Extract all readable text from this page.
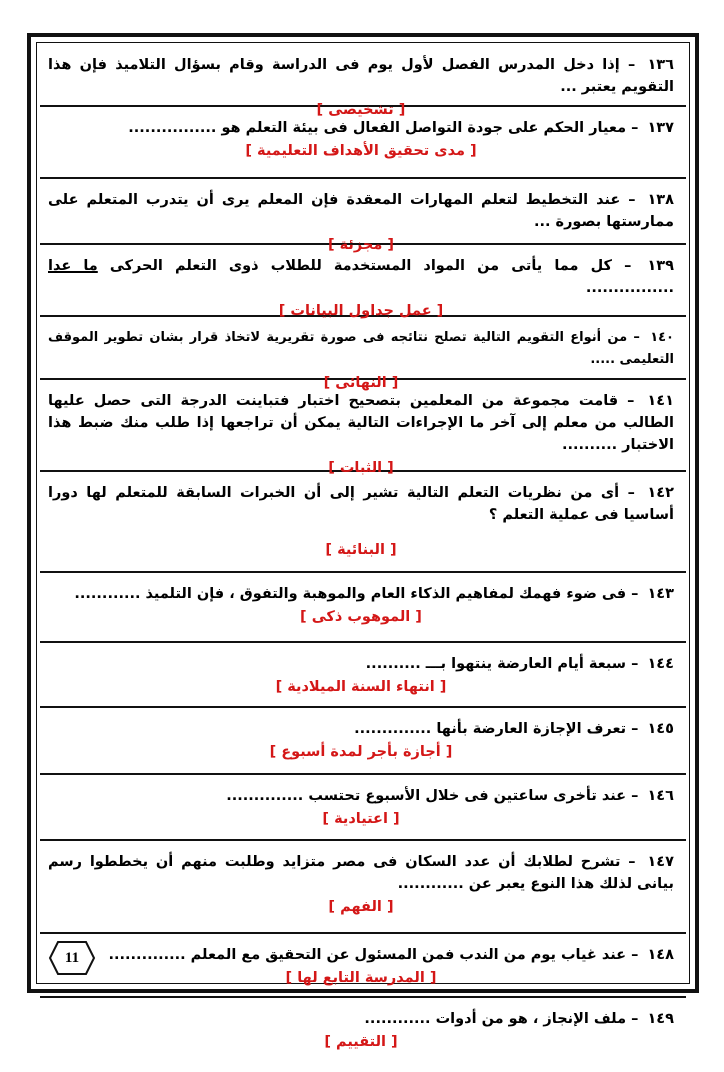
١٣٦ – إذا دخل المدرس الفصل لأول يوم فى الدراسة وقام بسؤال التلاميذ فإن هذا التقويم يعتبر ...
[ تشخيصى ]
١٣٧ – معيار الحكم على جودة التواصل الفعال فى بيئة التعلم هو ................
[ مدى تحقيق الأهداف التعليمية ]
١٣٨ – عند التخطيط لتعلم المهارات المعقدة فإن المعلم يرى أن يتدرب المتعلم على ممارستها بصورة ...
[ مجزئة ]
١٣٩ – كل مما يأتى من المواد المستخدمة للطلاب ذوى التعلم الحركى ما عدا ................
[ عمل جداول البيانات ]
١٤٠ – من أنواع التقويم التالية تصلح نتائجه فى صورة تقريرية لاتخاذ قرار بشان تطوير الموقف التعليمى .....
[ النهائى ]
١٤١ – قامت مجموعة من المعلمين بتصحيح اختبار فتباينت الدرجة التى حصل عليها الطالب من معلم إلى آخر ما الإجراءات التالية يمكن أن تراجعها إذا طلب منك ضبط هذا الاختبار ..........
[ الثبات ]
١٤٢ – أى من نظريات التعلم التالية تشير إلى أن الخبرات السابقة للمتعلم لها دورا أساسيا فى عملية التعلم ؟
[ البنائية ]
١٤٣ – فى ضوء فهمك لمفاهيم الذكاء العام والموهبة والتفوق ، فإن التلميذ ............
[ الموهوب ذكى ]
١٤٤ – سبعة أيام العارضة ينتهوا بـــ ..........
[ انتهاء السنة الميلادية ]
١٤٥ – تعرف الإجازة العارضة بأنها ..............
[ أجازة بأجر لمدة أسبوع ]
١٤٦ – عند تأخرى ساعتين فى خلال الأسبوع تحتسب ..............
[ اعتيادية ]
١٤٧ – تشرح لطلابك أن عدد السكان فى مصر متزايد وطلبت منهم أن يخططوا رسم بيانى لذلك هذا النوع يعبر عن ............
[ الفهم ]
١٤٨ – عند غياب يوم من الندب فمن المسئول عن التحقيق مع المعلم ..............
[ المدرسة التابع لها ]
١٤٩ – ملف الإنجاز ، هو من أدوات ............
[ التقييم ]
11
